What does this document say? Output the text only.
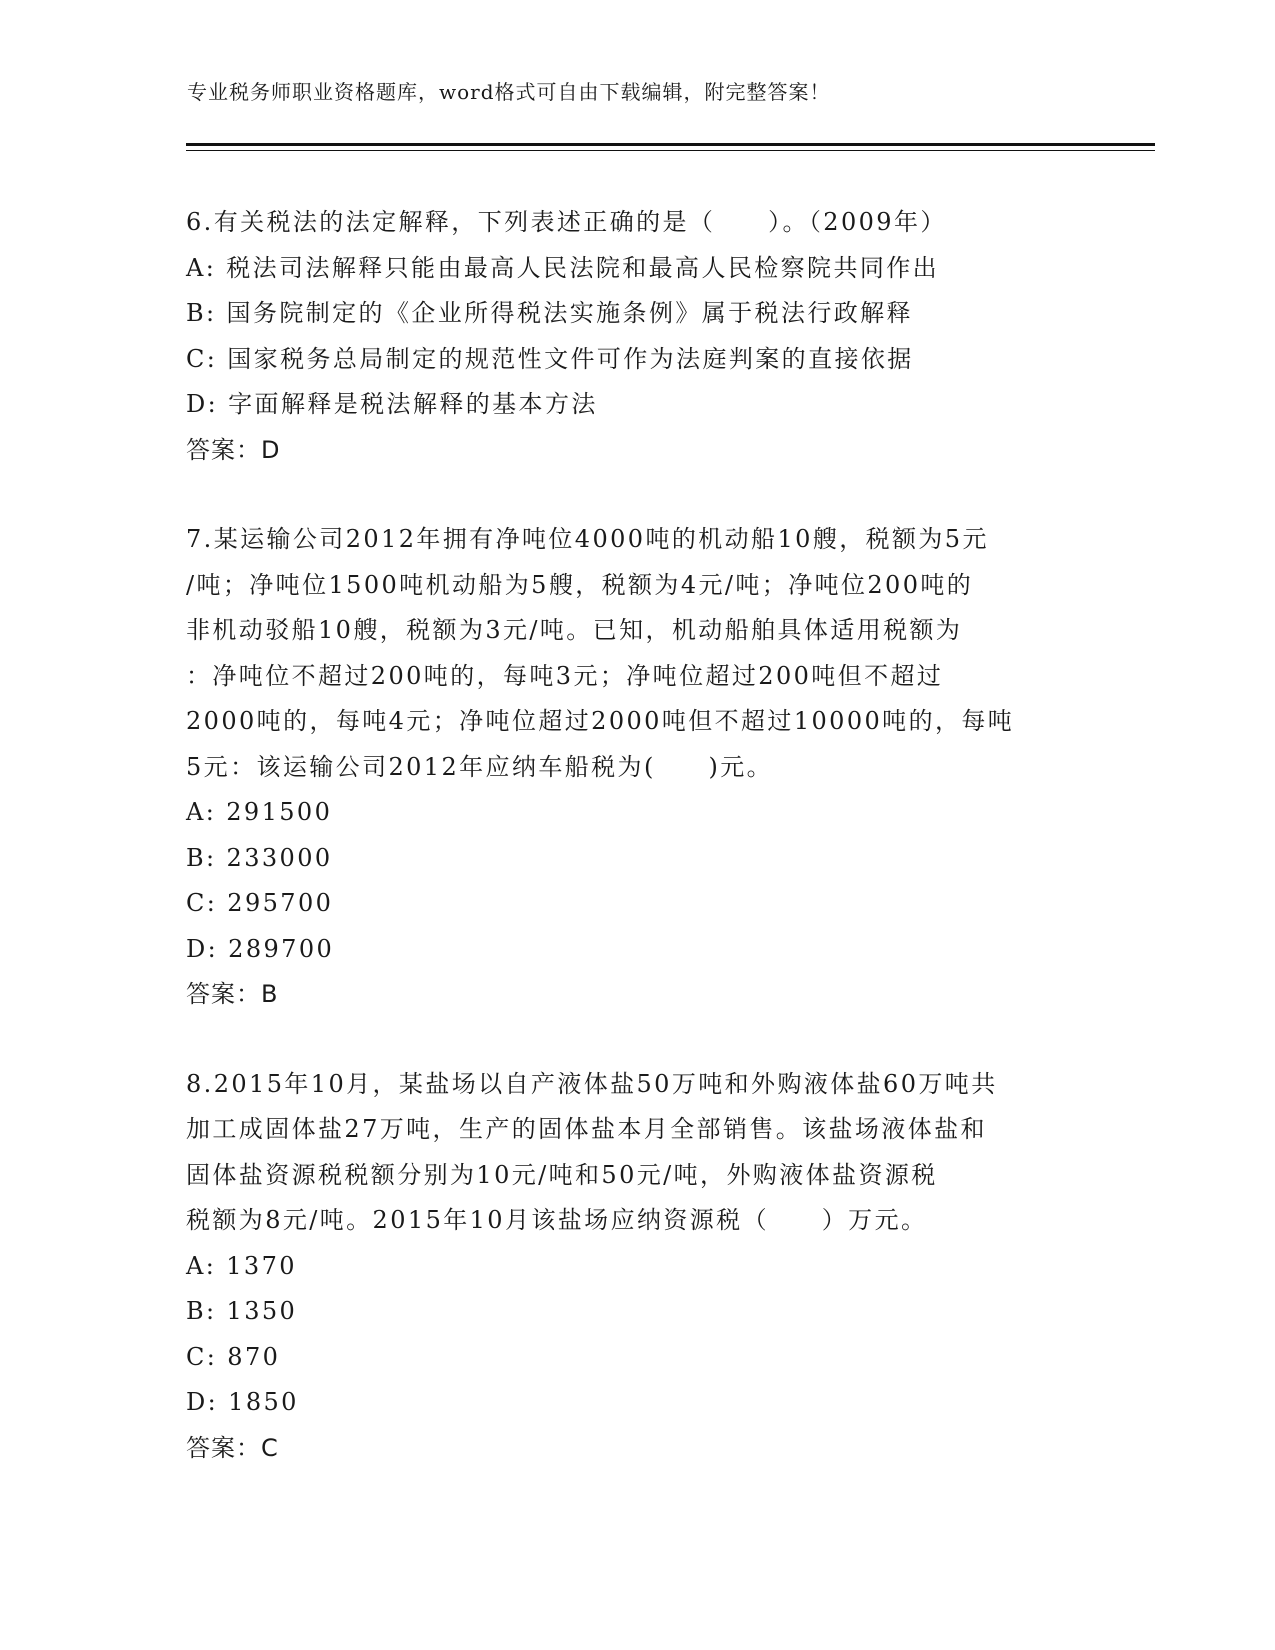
专业税务师职业资格题库，word格式可自由下载编辑，附完整答案！
6.有关税法的法定解释，下列表述正确的是（　　）。（2009年）
A: 税法司法解释只能由最高人民法院和最高人民检察院共同作出
B: 国务院制定的《企业所得税法实施条例》属于税法行政解释
C: 国家税务总局制定的规范性文件可作为法庭判案的直接依据
D: 字面解释是税法解释的基本方法
答案：D
7.某运输公司2012年拥有净吨位4000吨的机动船10艘，税额为5元
/吨；净吨位1500吨机动船为5艘，税额为4元/吨；净吨位200吨的
非机动驳船10艘，税额为3元/吨。已知，机动船舶具体适用税额为
：净吨位不超过200吨的，每吨3元；净吨位超过200吨但不超过
2000吨的，每吨4元；净吨位超过2000吨但不超过10000吨的，每吨
5元：该运输公司2012年应纳车船税为(　　)元。
A: 291500
B: 233000
C: 295700
D: 289700
答案：B
8.2015年10月，某盐场以自产液体盐50万吨和外购液体盐60万吨共
加工成固体盐27万吨，生产的固体盐本月全部销售。该盐场液体盐和
固体盐资源税税额分别为10元/吨和50元/吨，外购液体盐资源税
税额为8元/吨。2015年10月该盐场应纳资源税（　　）万元。
A: 1370
B: 1350
C: 870
D: 1850
答案：C
